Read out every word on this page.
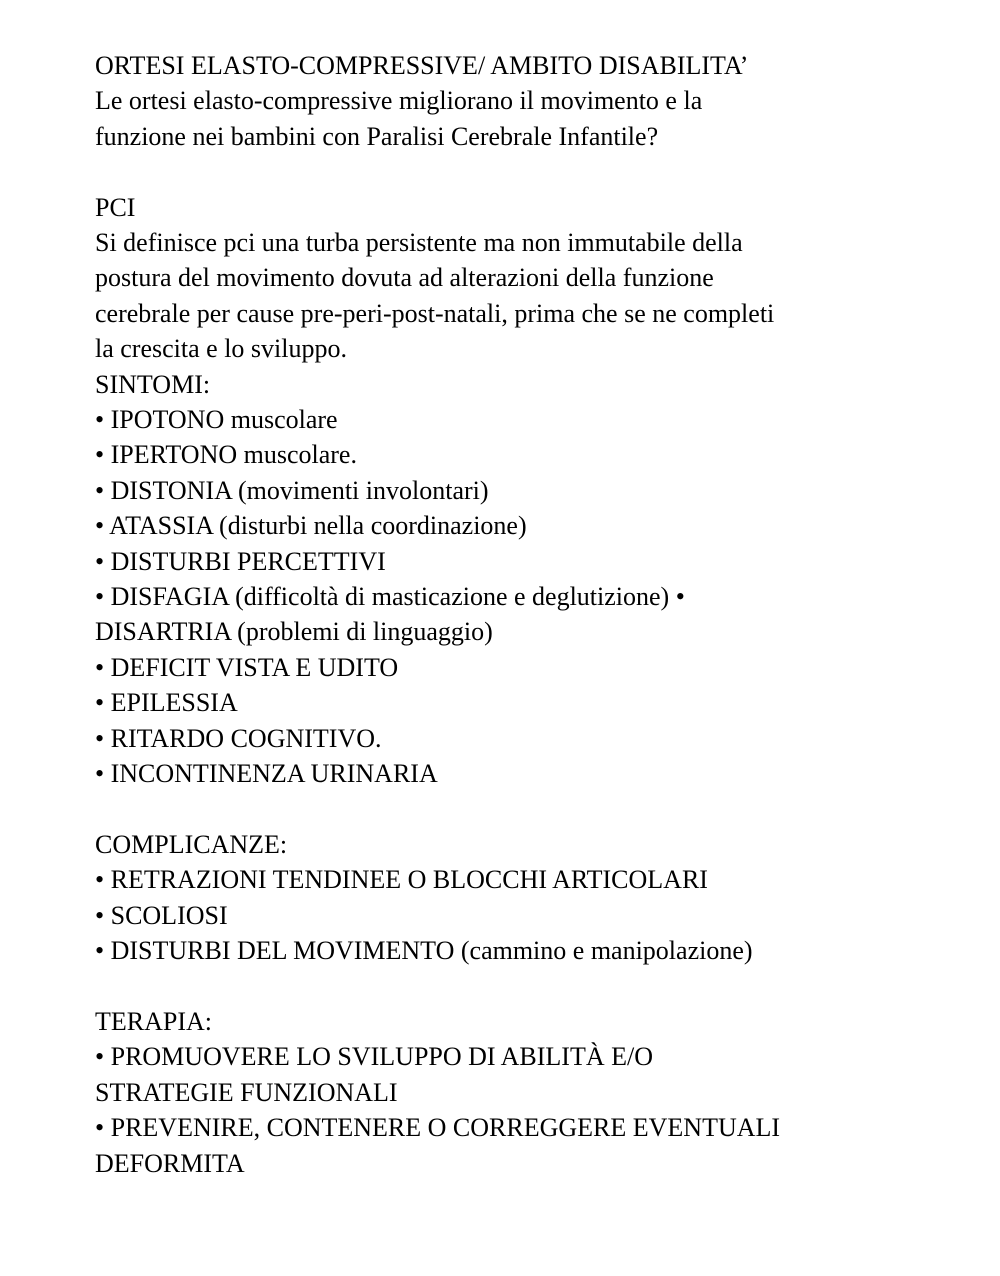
ORTESI ELASTO-COMPRESSIVE/ AMBITO DISABILITA’

Le ortesi elasto-compressive migliorano il movimento e la

funzione nei bambini con Paralisi Cerebrale Infantile?

PCI

Si definisce pci una turba persistente ma non immutabile della

postura del movimento dovuta ad alterazioni della funzione

cerebrale per cause pre-peri-post-natali, prima che se ne completi

la crescita e lo sviluppo.

SINTOMI:

• IPOTONO muscolare

• IPERTONO muscolare.

• DISTONIA (movimenti involontari)

• ATASSIA (disturbi nella coordinazione)

• DISTURBI PERCETTIVI

• DISFAGIA (difficoltà di masticazione e deglutizione) •

DISARTRIA (problemi di linguaggio)

• DEFICIT VISTA E UDITO

• EPILESSIA

• RITARDO COGNITIVO.

• INCONTINENZA URINARIA

COMPLICANZE:

• RETRAZIONI TENDINEE O BLOCCHI ARTICOLARI

• SCOLIOSI

• DISTURBI DEL MOVIMENTO (cammino e manipolazione)

TERAPIA:

• PROMUOVERE LO SVILUPPO DI ABILITÀ E/O

STRATEGIE FUNZIONALI

• PREVENIRE, CONTENERE O CORREGGERE EVENTUALI

DEFORMITA
